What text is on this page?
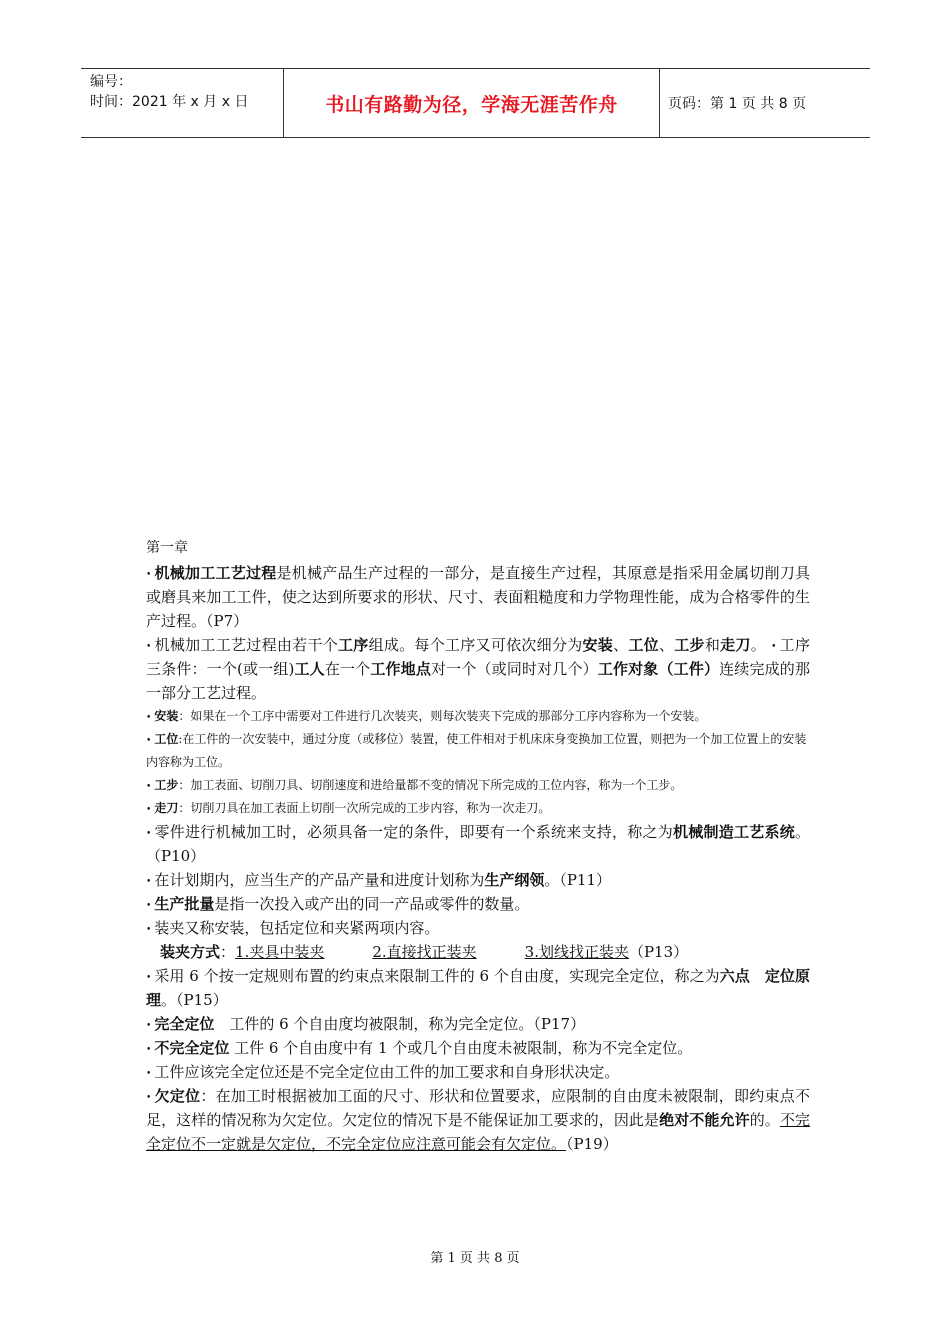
编号：
时间：2021 年 x 月 x 日	书山有路勤为径，学海无涯苦作舟	页码：第 1 页 共 8 页
第一章

• 机械加工工艺过程是机械产品生产过程的一部分，是直接生产过程，其原意是指采用金属切削刀具或磨具来加工工件，使之达到所要求的形状、尺寸、表面粗糙度和力学物理性能，成为合格零件的生产过程。（P7）

• 机械加工工艺过程由若干个工序组成。每个工序又可依次细分为安装、工位、工步和走刀。 • 工序三条件：一个(或一组)工人在一个工作地点对一个（或同时对几个）工作对象（工件）连续完成的那一部分工艺过程。

• 安装：如果在一个工序中需要对工件进行几次装夹，则每次装夹下完成的那部分工序内容称为一个安装。

• 工位:在工件的一次安装中，通过分度（或移位）装置，使工件相对于机床床身变换加工位置，则把为一个加工位置上的安装内容称为工位。

• 工步：加工表面、切削刀具、切削速度和进给量都不变的情况下所完成的工位内容，称为一个工步。

• 走刀：切削刀具在加工表面上切削一次所完成的工步内容，称为一次走刀。

• 零件进行机械加工时，必须具备一定的条件，即要有一个系统来支持，称之为机械制造工艺系统。（P10）

• 在计划期内，应当生产的产品产量和进度计划称为生产纲领。（P11）

• 生产批量是指一次投入或产出的同一产品或零件的数量。

• 装夹又称安装，包括定位和夹紧两项内容。

装夹方式：1.夹具中装夹	2.直接找正装夹	3.划线找正装夹（P13）

• 采用 6 个按一定规则布置的约束点来限制工件的 6 个自由度，实现完全定位，称之为六点　定位原理。（P15）

• 完全定位　工件的 6 个自由度均被限制，称为完全定位。（P17）

• 不完全定位 工件 6 个自由度中有 1 个或几个自由度未被限制，称为不完全定位。

• 工件应该完全定位还是不完全定位由工件的加工要求和自身形状决定。

• 欠定位：在加工时根据被加工面的尺寸、形状和位置要求，应限制的自由度未被限制，即约束点不足，这样的情况称为欠定位。欠定位的情况下是不能保证加工要求的，因此是绝对不能允许的。不完全定位不一定就是欠定位，不完全定位应注意可能会有欠定位。（P19）

第 1 页 共 8 页
